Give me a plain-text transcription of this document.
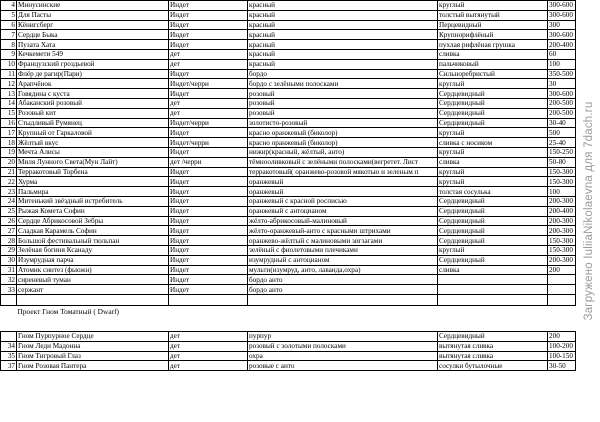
4	Минусинские	Индет	красный	круглый	300-600
5	Для Пасты	Индет	красный	толстый вытянутый	300-600
6	Кёнигсберг	Индет	красный	Перцевидный	300
7	Сердце Быка	Индет	красный	Крупнорифлёный	300-600
8	Пузата Хата	Индет	красный	пухлая рифлёная грушка	200-400
9	Кечкемети 549	дет	красный	сливка	60
10	Французский гроздьевой	дет	красный	пальчиковый	100
11	Флёр де рагир(Пари)	Индет	бордо	Сильноребристый	350-500
12	Арапчёнок	Индет/черри	бордо с зелёными полосками	круглый	30
13	Говядина с куста	Индет	розовый	Сердцевидный	300-600
14	Абаканский розовый	дет	розовый	Сердцевидный	200-500
15	Розовый кит	дет	розовый	Сердцевидный	200-500
16	Стыдливый Румянец	Индет/черри	золотисто-розовый	Сердцевидный	30-40
17	Крупный от Гаркаловой	Индет	красно оранжевый (биколор)	круглый	500
18	Жёлтый вкус	Индет/черри	красно оранжевый (биколор)	сливка с носиком	25-40
19	Мечта Алисы	Индет	нижир(красный, жёлтый, анто)	круглый	150-250
20	Миля Лунного Света(Мун Лайт)	дет /черри	тёмнооливковый с зелёными полосками(вегретет. Лист	сливка	50-80
21	Терракотовый Торбена	Индет	терракотовый( оранжево-розовой мякотью и зеленым п	круглый	150-300
22	Хурма	Индет	оранжевый	круглый	150-300
23	Пальмира	Индет	оранжевый	толстая сосулька	100
24	Митенький звёздный истребитель	Индет	оранжевый с красной росписью	Сердцевидный	200-300
25	Рыжая Комета Софин	Индет	оранжевый с антоцианом	Сердцевидный	200-400
26	Сердце Абрикосовой Зебры	Индет	жёлто-абрикосовый-малиновый	Сердцевидный	200-300
27	Сладкая Карамель Софин	Индет	жёлто-оранжевый-анто с красными штрихами	Сердцевидный	200-300
28	Большой фестивальный тюльпан	Индет	оранжево-жёлтый с малиновыми зигзагами	Сердцевидный	150-300
29	Зелёная богиня Ксанаду	Индет	зелёный с фиолетовыми плечиками	круглый	150-300
30	Изумрудная парча	Индет	изумрудный с антоцианом	Сердцевидный	200-300
31	Атомик синтез (фьюжн)	Индет	мульти(изумруд, анто, лаванда,охра)	сливка	200
32	сиреневый туман	Индет	бордо анто		
33	сержант	Индет	бордо анто		

	Проект Гном Томатный ( Dwarf)				

	Гном Пурпурное Сердце	дет	пурпур	Сердцевидный	200
34	Гном Леди Мадонна	дет	розовый с золотыми полосками	вытянутая сливка	100-200
35	Гном Тигровый Глаз	дет	охра	вытянутая сливка	100-150
37	Гном Розовая Пантера	дет	розовые с анто	сосулки бутылочные	30-50
Загружено IuliiaNikolaevna для 7dach.ru
